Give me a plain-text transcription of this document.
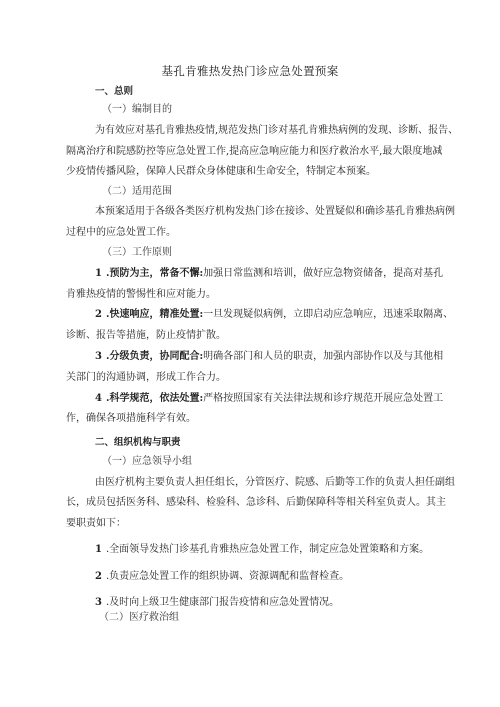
基孔肯雅热发热门诊应急处置预案
一、总则
（一）编制目的
为有效应对基孔肯雅热疫情,规范发热门诊对基孔肯雅热病例的发现、诊断、报告、
隔离治疗和院感防控等应急处置工作,提高应急响应能力和医疗救治水平,最大限度地减
少疫情传播风险，保障人民群众身体健康和生命安全，特制定本预案。
（二）适用范围
本预案适用于各级各类医疗机构发热门诊在接诊、处置疑似和确诊基孔肯雅热病例
过程中的应急处置工作。
（三）工作原则
1 .预防为主，常备不懈:加强日常监测和培训，做好应急物资储备，提高对基孔
肯雅热疫情的警惕性和应对能力。
2 .快速响应，精准处置:一旦发现疑似病例，立即启动应急响应，迅速采取隔离、
诊断、报告等措施，防止疫情扩散。
3 .分级负责，协同配合:明确各部门和人员的职责，加强内部协作以及与其他相
关部门的沟通协调，形成工作合力。
4 .科学规范，依法处置:严格按照国家有关法律法规和诊疗规范开展应急处置工
作，确保各项措施科学有效。
二、组织机构与职责
（一）应急领导小组
由医疗机构主要负责人担任组长，分管医疗、院感、后勤等工作的负责人担任副组
长，成员包括医务科、感染科、检验科、急诊科、后勤保障科等相关科室负责人。其主
要职责如下：
1 .全面领导发热门诊基孔肯雅热应急处置工作，制定应急处置策略和方案。
2 .负责应急处置工作的组织协调、资源调配和监督检查。
3 .及时向上级卫生健康部门报告疫情和应急处置情况。
（二）医疗救治组
